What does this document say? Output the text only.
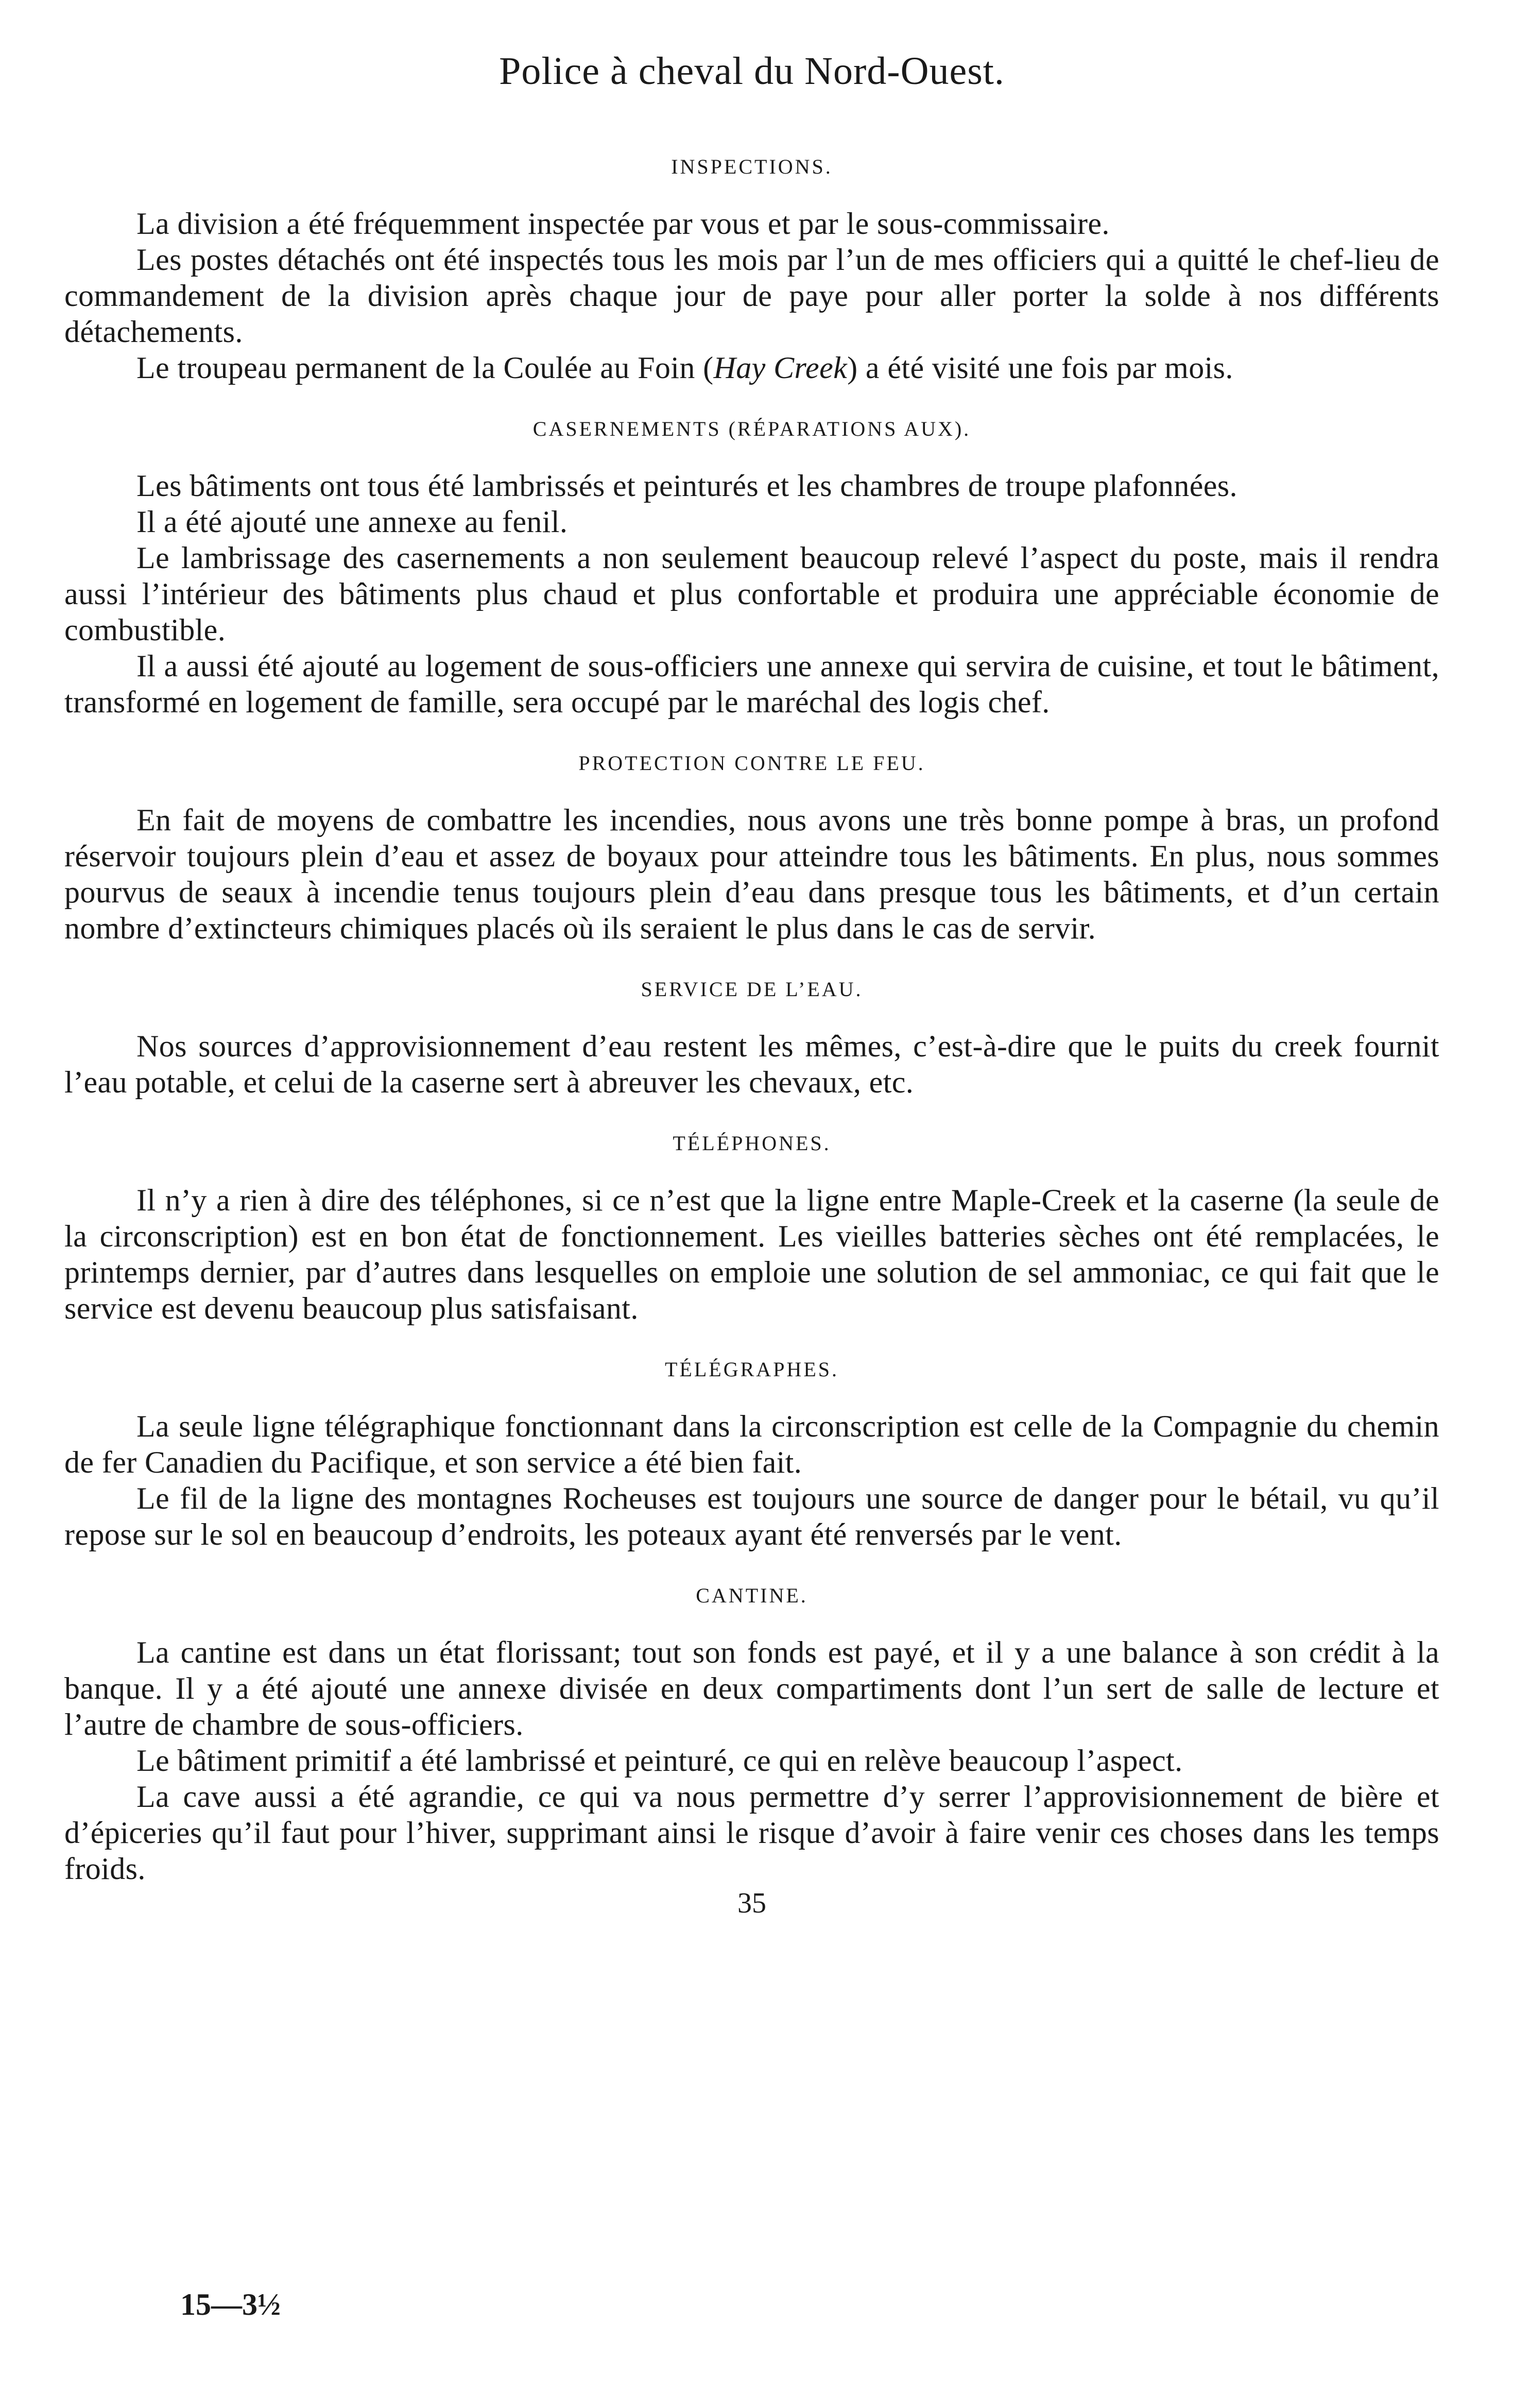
Police à cheval du Nord-Ouest.
INSPECTIONS.

La division a été fréquemment inspectée par vous et par le sous-commissaire.

Les postes détachés ont été inspectés tous les mois par l’un de mes officiers qui a quitté le chef-lieu de commandement de la division après chaque jour de paye pour aller porter la solde à nos différents détachements.

Le troupeau permanent de la Coulée au Foin (Hay Creek) a été visité une fois par mois.

CASERNEMENTS (RÉPARATIONS AUX).

Les bâtiments ont tous été lambrissés et peinturés et les chambres de troupe plafonnées.

Il a été ajouté une annexe au fenil.

Le lambrissage des casernements a non seulement beaucoup relevé l’aspect du poste, mais il rendra aussi l’intérieur des bâtiments plus chaud et plus confortable et produira une appréciable économie de combustible.

Il a aussi été ajouté au logement de sous-officiers une annexe qui servira de cuisine, et tout le bâtiment, transformé en logement de famille, sera occupé par le maréchal des logis chef.

PROTECTION CONTRE LE FEU.

En fait de moyens de combattre les incendies, nous avons une très bonne pompe à bras, un profond réservoir toujours plein d’eau et assez de boyaux pour atteindre tous les bâtiments. En plus, nous sommes pourvus de seaux à incendie tenus toujours plein d’eau dans presque tous les bâtiments, et d’un certain nombre d’extincteurs chimiques placés où ils seraient le plus dans le cas de servir.

SERVICE DE L’EAU.

Nos sources d’approvisionnement d’eau restent les mêmes, c’est-à-dire que le puits du creek fournit l’eau potable, et celui de la caserne sert à abreuver les chevaux, etc.

TÉLÉPHONES.

Il n’y a rien à dire des téléphones, si ce n’est que la ligne entre Maple-Creek et la caserne (la seule de la circonscription) est en bon état de fonctionnement. Les vieilles batteries sèches ont été remplacées, le printemps dernier, par d’autres dans lesquelles on emploie une solution de sel ammoniac, ce qui fait que le service est devenu beaucoup plus satisfaisant.

TÉLÉGRAPHES.

La seule ligne télégraphique fonctionnant dans la circonscription est celle de la Compagnie du chemin de fer Canadien du Pacifique, et son service a été bien fait.

Le fil de la ligne des montagnes Rocheuses est toujours une source de danger pour le bétail, vu qu’il repose sur le sol en beaucoup d’endroits, les poteaux ayant été renversés par le vent.

CANTINE.

La cantine est dans un état florissant; tout son fonds est payé, et il y a une balance à son crédit à la banque. Il y a été ajouté une annexe divisée en deux compartiments dont l’un sert de salle de lecture et l’autre de chambre de sous-officiers.

Le bâtiment primitif a été lambrissé et peinturé, ce qui en relève beaucoup l’aspect.

La cave aussi a été agrandie, ce qui va nous permettre d’y serrer l’approvisionnement de bière et d’épiceries qu’il faut pour l’hiver, supprimant ainsi le risque d’avoir à faire venir ces choses dans les temps froids.

35
15—3½
